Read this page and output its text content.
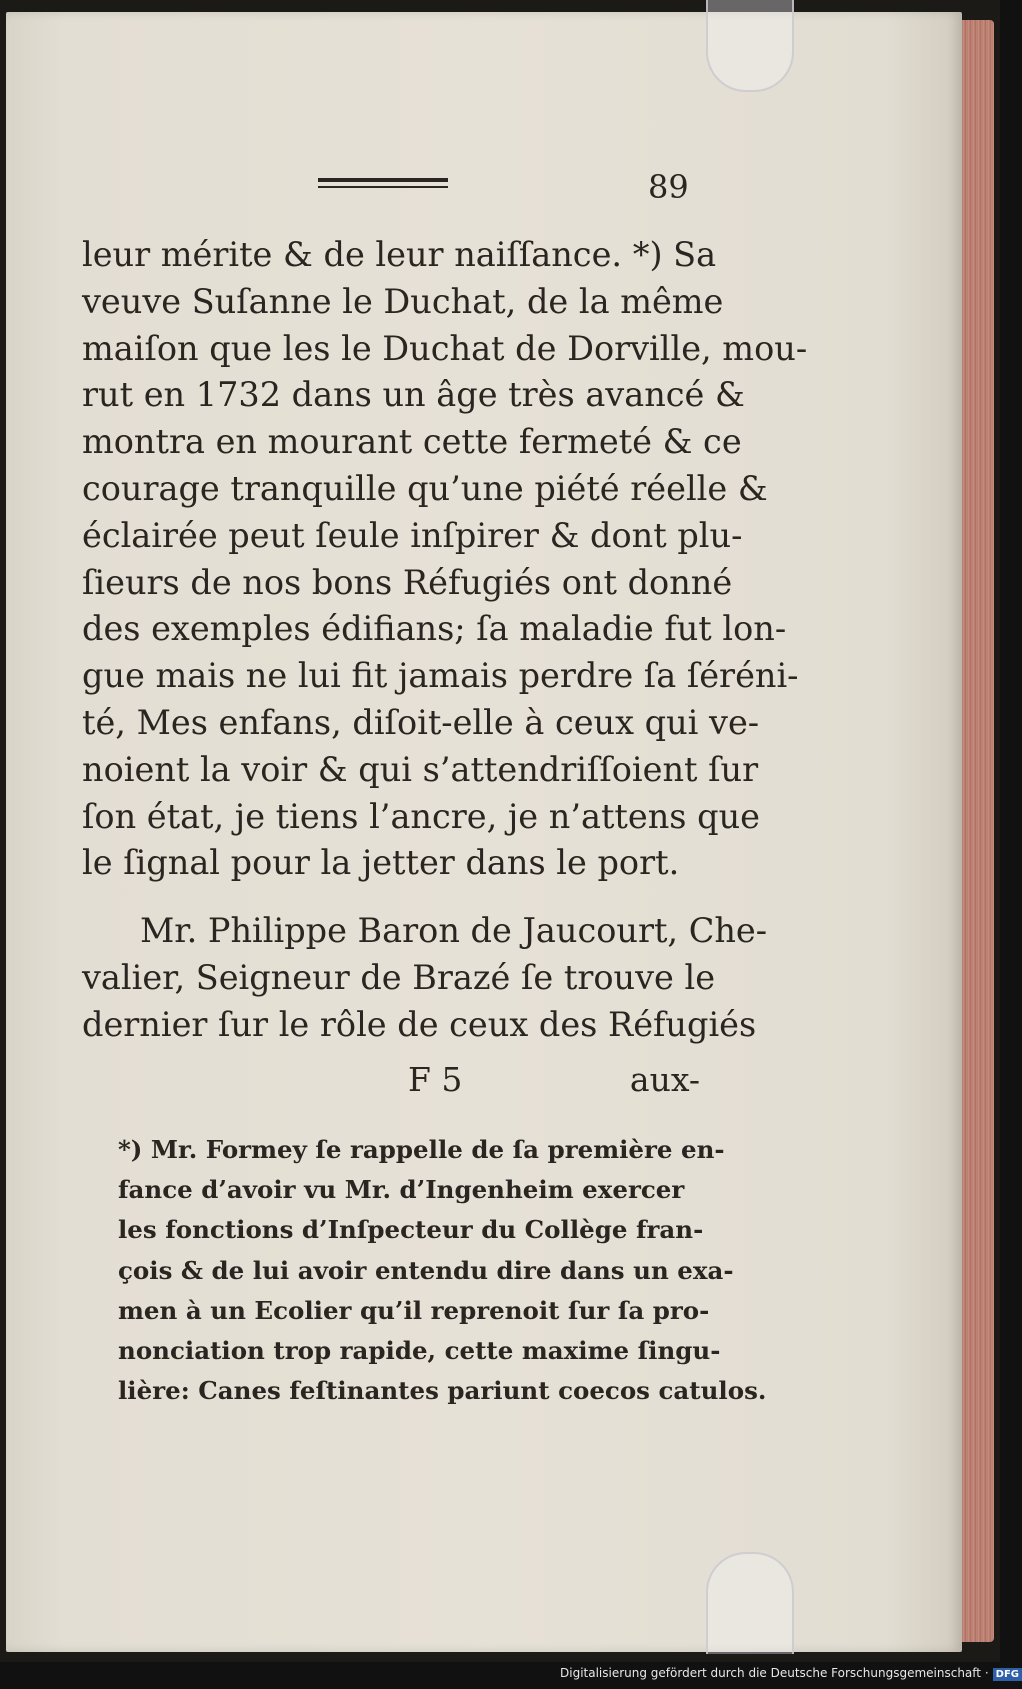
89
leur mérite & de leur naiſſance. *) Sa
veuve Suſanne le Duchat, de la même
maiſon que les le Duchat de Dorville, mou-
rut en 1732 dans un âge très avancé &
montra en mourant cette fermeté & ce
courage tranquille qu’une piété réelle &
éclairée peut ſeule inſpirer & dont plu-
ſieurs de nos bons Réfugiés ont donné
des exemples édifians; ſa maladie fut lon-
gue mais ne lui fit jamais perdre ſa ſéréni-
té, Mes enfans, diſoit-elle à ceux qui ve-
noient la voir & qui s’attendriſſoient ſur
ſon état, je tiens l’ancre, je n’attens que
le ſignal pour la jetter dans le port.
Mr. Philippe Baron de Jaucourt, Che-
valier, Seigneur de Brazé ſe trouve le
dernier ſur le rôle de ceux des Réfugiés
F 5	aux-
*) Mr. Formey ſe rappelle de ſa première en-
fance d’avoir vu Mr. d’Ingenheim exercer
les fonctions d’Inſpecteur du Collège fran-
çois & de lui avoir entendu dire dans un exa-
men à un Ecolier qu’il reprenoit ſur ſa pro-
nonciation trop rapide, cette maxime ſingu-
lière: Canes feſtinantes pariunt coecos catulos.
Digitalisierung gefördert durch die Deutsche Forschungsgemeinschaft · DFG
